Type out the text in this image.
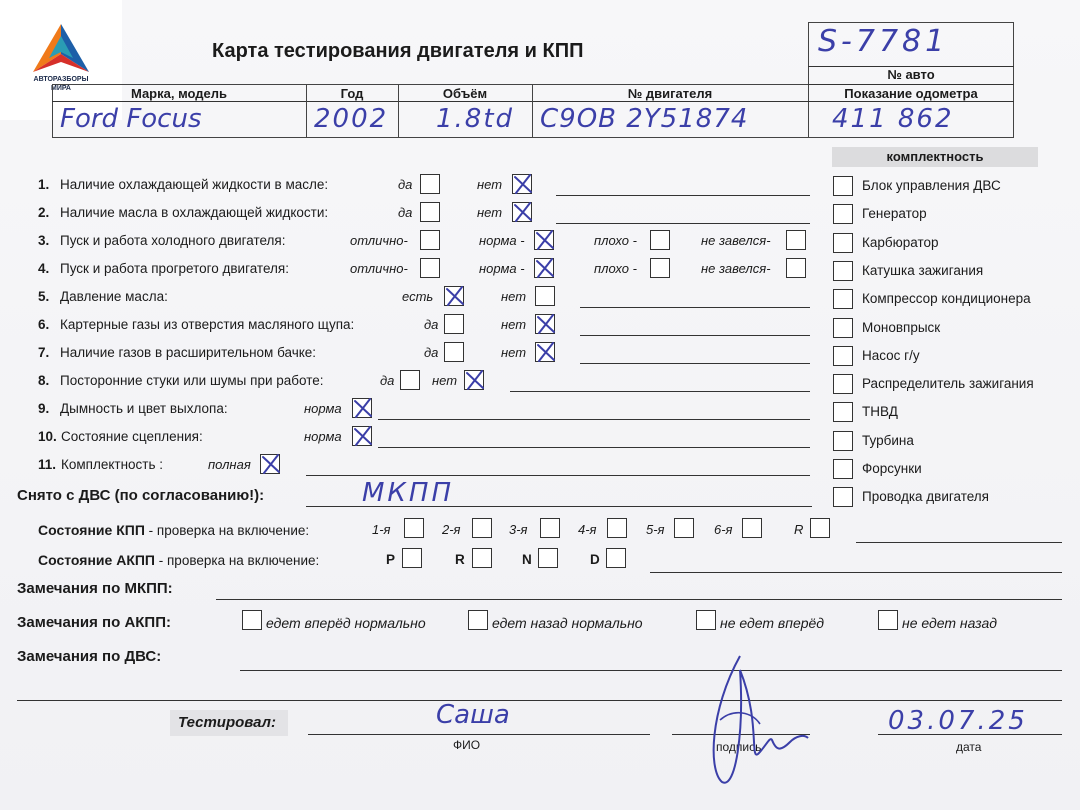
АВТОРАЗБОРЫ
МИРА
Карта тестирования двигателя и КПП	S-7781
№ авто
Показание одометра
411 862
Марка, модель	Год	Объём	№ двигателя
Ford Focus	2002 1.8td C9OB 2Y51874
комплектность
Блок управления ДВС
Генератор
Карбюратор
Катушка зажигания
Компрессор кондиционера
Моновпрыск
Насос г/у
Распределитель зажигания
ТНВД
Турбина
Форсунки
Проводка двигателя
1. Наличие охлаждающей жидкости в масле:	да	нет
2. Наличие масла в охлаждающей жидкости:	да	нет
3. Пуск и работа холодного двигателя:	отлично-	норма -	плохо -	не завелся-
4. Пуск и работа прогретого двигателя:	отлично-	норма -	плохо -	не завелся-
5. Давление масла:	есть	нет
6. Картерные газы из отверстия масляного щупа:	да	нет
7. Наличие газов в расширительном бачке:	да	нет
8. Посторонние стуки или шумы при работе:	да	нет
9. Дымность и цвет выхлопа:	норма
10. Состояние сцепления:	норма
11. Комплектность :	полная
Снято с ДВС (по согласованию!):	МКПП
Состояние КПП - проверка на включение:	1-я	2-я	3-я	4-я	5-я	6-я	R
Состояние АКПП - проверка на включение:	P	R	N	D
Замечания по МКПП:
Замечания по АКПП:	едет вперёд нормально	едет назад нормально	не едет вперёд	не едет назад
Замечания по ДВС:
Тестировал:	Саша
ФИО	подпись
03.07.25
дата
